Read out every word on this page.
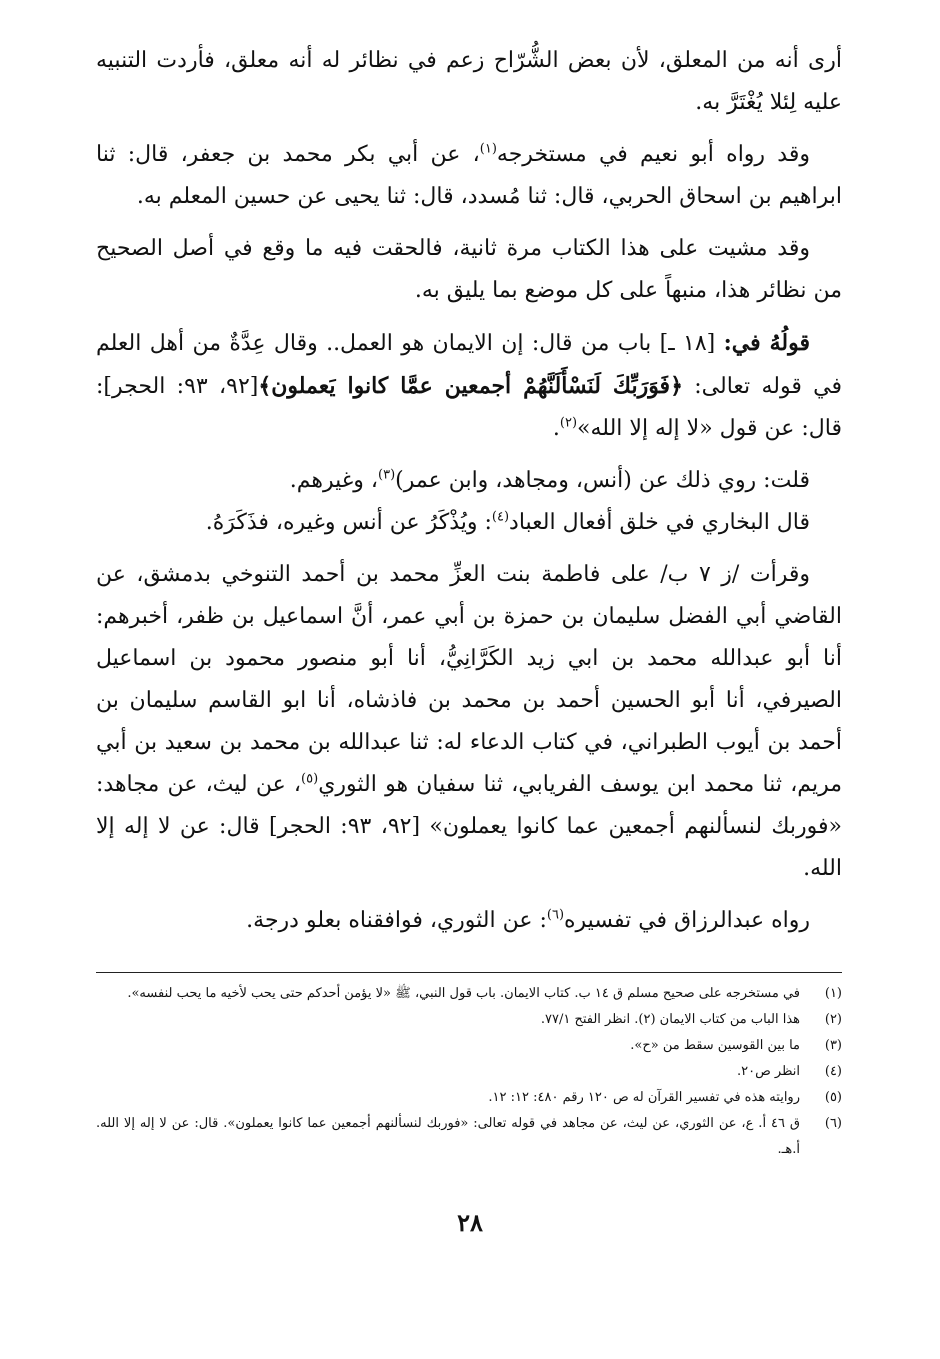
أرى أنه من المعلق، لأن بعض الشُّرّاح زعم في نظائر له أنه معلق، فأردت التنبيه عليه لِئلا يُغْتَرَّ به.

وقد رواه أبو نعيم في مستخرجه$^{(١)}$، عن أبي بكر محمد بن جعفر، قال: ثنا ابراهيم بن اسحاق الحربي، قال: ثنا مُسدد، قال: ثنا يحيى عن حسين المعلم به.

وقد مشيت على هذا الكتاب مرة ثانية، فالحقت فيه ما وقع في أصل الصحيح من نظائر هذا، منبهاً على كل موضع بما يليق به.

قولُهُ في: [١٨ ـ] باب من قال: إن الايمان هو العمل.. وقال عِدَّةٌ من أهل العلم في قوله تعالى: ﴿فَوَرَبِّكَ لَنَسْأَلَنَّهُمْ أجمعين عمَّا كانوا يَعملون﴾[٩٢، ٩٣: الحجر]: قال: عن قول «لا إله إلا الله»$^{(٢)}$.

قلت: روي ذلك عن (أنس، ومجاهد، وابن عمر)$^{(٣)}$، وغيرهم.

قال البخاري في خلق أفعال العباد$^{(٤)}$: ويُذْكَرُ عن أنس وغيره، فذَكَرَهُ.

وقرأت /ز ٧ ب/ على فاطمة بنت العزِّ محمد بن أحمد التنوخي بدمشق، عن القاضي أبي الفضل سليمان بن حمزة بن أبي عمر، أنَّ اسماعيل بن ظفر، أخبرهم: أنا أبو عبدالله محمد بن ابي زيد الكَرَّانِيُّ، أنا أبو منصور محمود بن اسماعيل الصيرفي، أنا أبو الحسين أحمد بن محمد بن فاذشاه، أنا ابو القاسم سليمان بن أحمد بن أيوب الطبراني، في كتاب الدعاء له: ثنا عبدالله بن محمد بن سعيد بن أبي مريم، ثنا محمد ابن يوسف الفريابي، ثنا سفيان هو الثوري$^{(٥)}$، عن ليث، عن مجاهد: «فوربك لنسألنهم أجمعين عما كانوا يعملون» [٩٢، ٩٣: الحجر] قال: عن لا إله إلا الله.

رواه عبدالرزاق في تفسيره$^{(٦)}$: عن الثوري، فوافقناه بعلو درجة.

(١)
في مستخرجه على صحيح مسلم ق ١٤ ب. كتاب الايمان. باب قول النبي، ﷺ «لا يؤمن أحدكم حتى يحب لأخيه ما يحب لنفسه».
(٢)
هذا الباب من كتاب الايمان (٢). انظر الفتح ٧٧/١.
(٣)
ما بين القوسين سقط من «ح».
(٤)
انظر ص٢٠.
(٥)
روايته هذه في تفسير القرآن له ص ١٢٠ رقم ٤٨٠: ١٢: ١٢.
(٦)
ق ٤٦ أ. ع، عن الثوري، عن ليث، عن مجاهد في قوله تعالى: «فوربك لنسألنهم أجمعين عما كانوا يعملون». قال: عن لا إله إلا الله. أ.هـ.
٢٨
